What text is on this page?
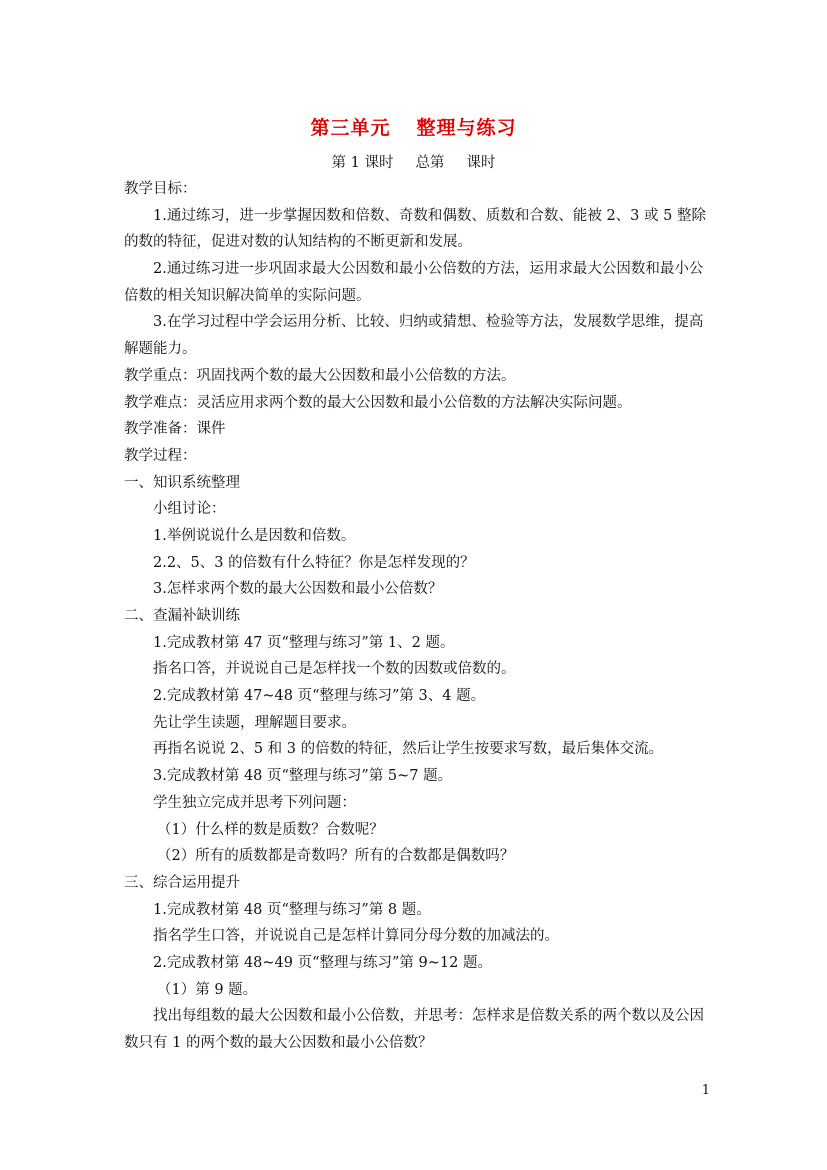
第三单元 整理与练习
第 1 课时 总第 课时
教学目标：
1.通过练习，进一步掌握因数和倍数、奇数和偶数、质数和合数、能被 2、3 或 5 整除
的数的特征，促进对数的认知结构的不断更新和发展。
2.通过练习进一步巩固求最大公因数和最小公倍数的方法，运用求最大公因数和最小公
倍数的相关知识解决简单的实际问题。
3.在学习过程中学会运用分析、比较、归纳或猜想、检验等方法，发展数学思维，提高
解题能力。
教学重点：巩固找两个数的最大公因数和最小公倍数的方法。
教学难点：灵活应用求两个数的最大公因数和最小公倍数的方法解决实际问题。
教学准备：课件
教学过程：
一、知识系统整理
小组讨论：
1.举例说说什么是因数和倍数。
2.2、5、3 的倍数有什么特征？你是怎样发现的？
3.怎样求两个数的最大公因数和最小公倍数？
二、查漏补缺训练
1.完成教材第 47 页“整理与练习”第 1、2 题。
指名口答，并说说自己是怎样找一个数的因数或倍数的。
2.完成教材第 47~48 页“整理与练习”第 3、4 题。
先让学生读题，理解题目要求。
再指名说说 2、5 和 3 的倍数的特征，然后让学生按要求写数，最后集体交流。
3.完成教材第 48 页“整理与练习”第 5~7 题。
学生独立完成并思考下列问题：
（1）什么样的数是质数？合数呢？
（2）所有的质数都是奇数吗？所有的合数都是偶数吗？
三、综合运用提升
1.完成教材第 48 页“整理与练习”第 8 题。
指名学生口答，并说说自己是怎样计算同分母分数的加减法的。
2.完成教材第 48~49 页“整理与练习”第 9~12 题。
（1）第 9 题。
找出每组数的最大公因数和最小公倍数，并思考：怎样求是倍数关系的两个数以及公因
数只有 1 的两个数的最大公因数和最小公倍数？
1
